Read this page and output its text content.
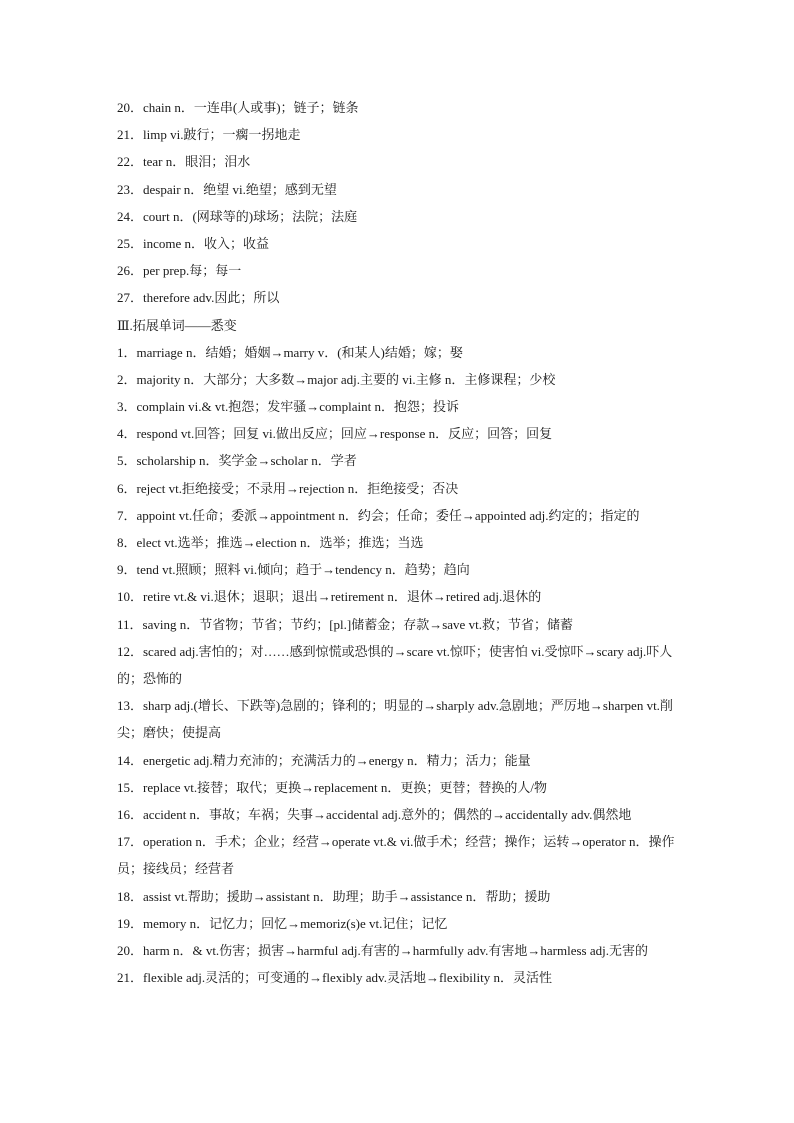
20．chain n．一连串(人或事)；链子；链条
21．limp vi.跛行；一瘸一拐地走
22．tear n．眼泪；泪水
23．despair n．绝望 vi.绝望；感到无望
24．court n．(网球等的)球场；法院；法庭
25．income n．收入；收益
26．per prep.每；每一
27．therefore adv.因此；所以
Ⅲ.拓展单词——悉变
1．marriage n．结婚；婚姻→marry v．(和某人)结婚；嫁；娶
2．majority n．大部分；大多数→major adj.主要的 vi.主修 n．主修课程；少校
3．complain vi.& vt.抱怨；发牢骚→complaint n．抱怨；投诉
4．respond vt.回答；回复 vi.做出反应；回应→response n．反应；回答；回复
5．scholarship n．奖学金→scholar n．学者
6．reject vt.拒绝接受；不录用→rejection n．拒绝接受；否决
7．appoint vt.任命；委派→appointment n．约会；任命；委任→appointed adj.约定的；指定的
8．elect vt.选举；推选→election n．选举；推选；当选
9．tend vt.照顾；照料 vi.倾向；趋于→tendency n．趋势；趋向
10．retire vt.& vi.退休；退职；退出→retirement n．退休→retired adj.退休的
11．saving n．节省物；节省；节约；[pl.]储蓄金；存款→save vt.救；节省；储蓄
12．scared adj.害怕的；对……感到惊慌或恐惧的→scare vt.惊吓；使害怕 vi.受惊吓→scary adj.吓人的；恐怖的
13．sharp adj.(增长、下跌等)急剧的；锋利的；明显的→sharply adv.急剧地；严厉地→sharpen vt.削尖；磨快；使提高
14．energetic adj.精力充沛的；充满活力的→energy n．精力；活力；能量
15．replace vt.接替；取代；更换→replacement n．更换；更替；替换的人/物
16．accident n．事故；车祸；失事→accidental adj.意外的；偶然的→accidentally adv.偶然地
17．operation n．手术；企业；经营→operate vt.& vi.做手术；经营；操作；运转→operator n．操作员；接线员；经营者
18．assist vt.帮助；援助→assistant n．助理；助手→assistance n．帮助；援助
19．memory n．记忆力；回忆→memoriz(s)e vt.记住；记忆
20．harm n．& vt.伤害；损害→harmful adj.有害的→harmfully adv.有害地→harmless adj.无害的
21．flexible adj.灵活的；可变通的→flexibly adv.灵活地→flexibility n．灵活性
